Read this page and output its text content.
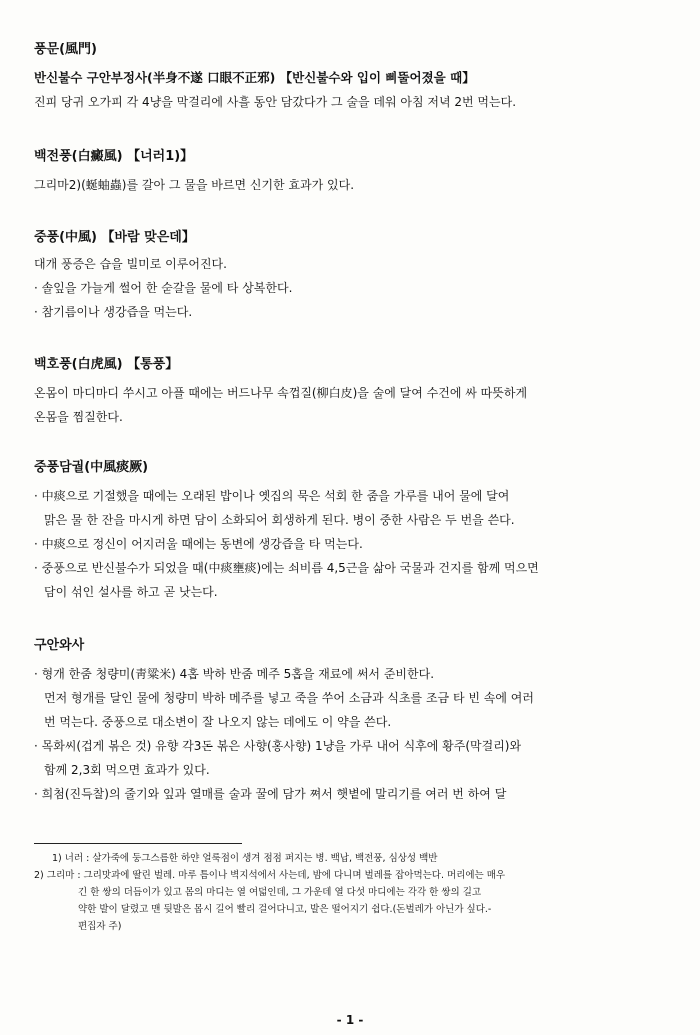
풍문(風門)
반신불수 구안부정사(半身不遂 口眼不正邪) 【반신불수와 입이 삐뚤어졌을 때】
진피 당귀 오가피 각 4냥을 막걸리에 사흘 동안 담갔다가 그 술을 데워 아침 저녁 2번 먹는다.
백전풍(白癜風) 【너러1)】
그리마2)(蜒蚰蟲)를 갈아 그 물을 바르면 신기한 효과가 있다.
중풍(中風) 【바람 맞은데】
대개 풍증은 습을 빌미로 이루어진다.
· 솔잎을 가늘게 썰어 한 숟갈을 물에 타 상복한다.
· 참기름이나 생강즙을 먹는다.
백호풍(白虎風) 【통풍】
온몸이 마디마디 쑤시고 아플 때에는 버드나무 속껍질(柳白皮)을 술에 달여 수건에 싸 따뜻하게
온몸을 찜질한다.
중풍담궐(中風痰厥)
· 中痰으로 기절했을 때에는 오래된 밥이나 옛집의 묵은 석회 한 줌을 가루를 내어 물에 달여
맑은 물 한 잔을 마시게 하면 담이 소화되어 회생하게 된다. 병이 중한 사람은 두 번을 쓴다.
· 中痰으로 정신이 어지러울 때에는 동변에 생강즙을 타 먹는다.
· 중풍으로 반신불수가 되었을 때(中痰壅痰)에는 쇠비름 4,5근을 삶아 국물과 건지를 함께 먹으면
담이 섞인 설사를 하고 곧 낫는다.
구안와사
· 형개 한줌 청량미(靑粱米) 4홉 박하 반줌 메주 5홉을 재료에 써서 준비한다.
먼저 형개를 달인 물에 청량미 박하 메주를 넣고 죽을 쑤어 소금과 식초를 조금 타 빈 속에 여러
번 먹는다. 중풍으로 대소변이 잘 나오지 않는 데에도 이 약을 쓴다.
· 목화씨(겁게 볶은 것) 유향 각3돈 볶은 사향(홍사향) 1냥을 가루 내어 식후에 황주(막걸리)와
함께 2,3회 먹으면 효과가 있다.
· 희첨(진득찰)의 줄기와 잎과 열매를 술과 꿀에 담가 쪄서 햇볕에 말리기를 여러 번 하여 달
1) 너러 : 살가죽에 둥그스름한 하얀 얼룩점이 생겨 점점 퍼지는 병. 백납, 백전풍, 심상성 백반
2) 그리마 : 그리맛과에 딸린 벌레. 마루 틈이나 벽지석에서 사는데, 밤에 다니며 벌레를 잡아먹는다. 머리에는 매우
긴 한 쌍의 더듬이가 있고 몸의 마디는 열 여덟인데, 그 가운데 열 다섯 마디에는 각각 한 쌍의 길고
약한 발이 달렸고 맨 뒷발은 몹시 길어 빨리 걸어다니고, 발은 떨어지기 쉽다.(돈벌레가 아닌가 싶다.-
편집자 주)
- 1 -
